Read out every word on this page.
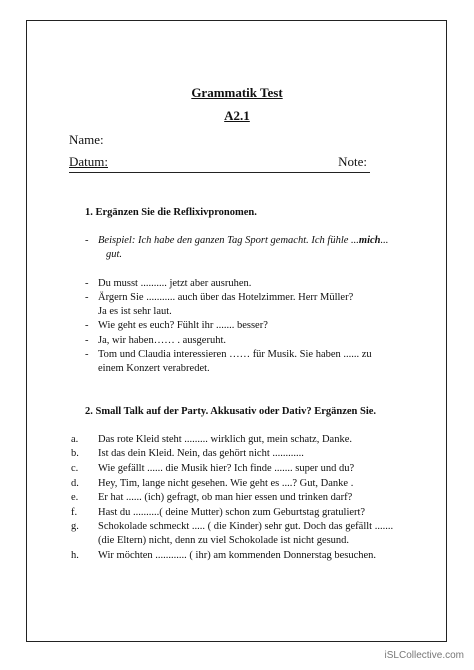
Grammatik Test
A2.1
Name:
Datum:	Note:
1. Ergänzen Sie die Reflixivpronomen.
- Beispiel: Ich habe den ganzen Tag Sport gemacht. Ich fühle ...mich...
gut.
- Du musst .......... jetzt aber ausruhen.
- Ärgern Sie ........... auch über das Hotelzimmer. Herr Müller?
Ja es ist sehr laut.
- Wie geht es euch? Fühlt ihr ....... besser?
- Ja, wir haben…… . ausgeruht.
- Tom und Claudia interessieren …… für Musik. Sie haben ...... zu
einem Konzert verabredet.
2. Small Talk auf der Party. Akkusativ oder Dativ? Ergänzen Sie.
a. Das rote Kleid steht ......... wirklich gut, mein schatz, Danke.
b. Ist das dein Kleid. Nein, das gehört nicht ............
c. Wie gefällt ...... die Musik hier? Ich finde ....... super und du?
d. Hey, Tim, lange nicht gesehen. Wie geht es ....? Gut, Danke .
e. Er hat ...... (ich) gefragt, ob man hier essen und trinken darf?
f. Hast du ..........( deine Mutter) schon zum Geburtstag gratuliert?
g. Schokolade schmeckt ..... ( die Kinder) sehr gut. Doch das gefällt .......
(die Eltern) nicht, denn zu viel Schokolade ist nicht gesund.
h. Wir möchten ............ ( ihr) am kommenden Donnerstag besuchen.
iSLCollective.com
